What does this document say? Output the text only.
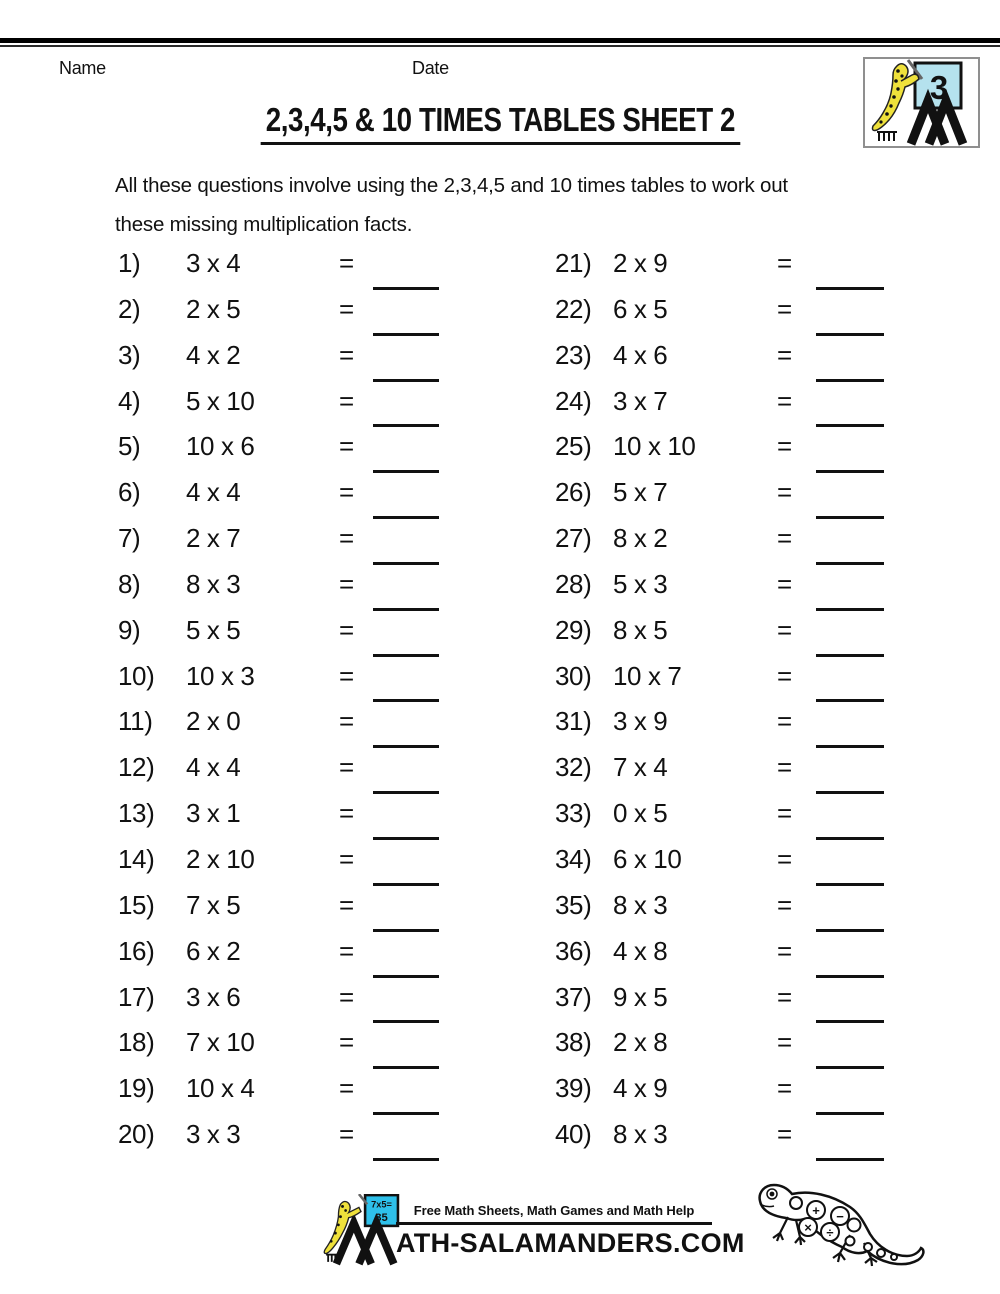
Name	Date
3
2,3,4,5 & 10 TIMES TABLES SHEET 2
All these questions involve using the 2,3,4,5 and 10 times tables to work out
these missing multiplication facts.
1) 3 x 4	=	21) 2 x 9	=
2) 2 x 5	=	22) 6 x 5	=
3) 4 x 2	=	23) 4 x 6	=
4) 5 x 10	=	24) 3 x 7	=
5) 10 x 6	=	25) 10 x 10	=
6) 4 x 4	=	26) 5 x 7	=
7) 2 x 7	=	27) 8 x 2	=
8) 8 x 3	=	28) 5 x 3	=
9) 5 x 5	=	29) 8 x 5	=
10) 10 x 3	=	30) 10 x 7	=
11) 2 x 0	=	31) 3 x 9	=
12) 4 x 4	=	32) 7 x 4	=
13) 3 x 1	=	33) 0 x 5	=
14) 2 x 10	=	34) 6 x 10	=
15) 7 x 5	=	35) 8 x 3	=
16) 6 x 2	=	36) 4 x 8	=
17) 3 x 6	=	37) 9 x 5	=
18) 7 x 10	=	38) 2 x 8	=
19) 10 x 4	=	39) 4 x 9	=
20) 3 x 3	=	40) 8 x 3	=
7x5=
35	Free Math Sheets, Math Games and Math Help
ATH-SALAMANDERS.COM
+ −
× ÷
